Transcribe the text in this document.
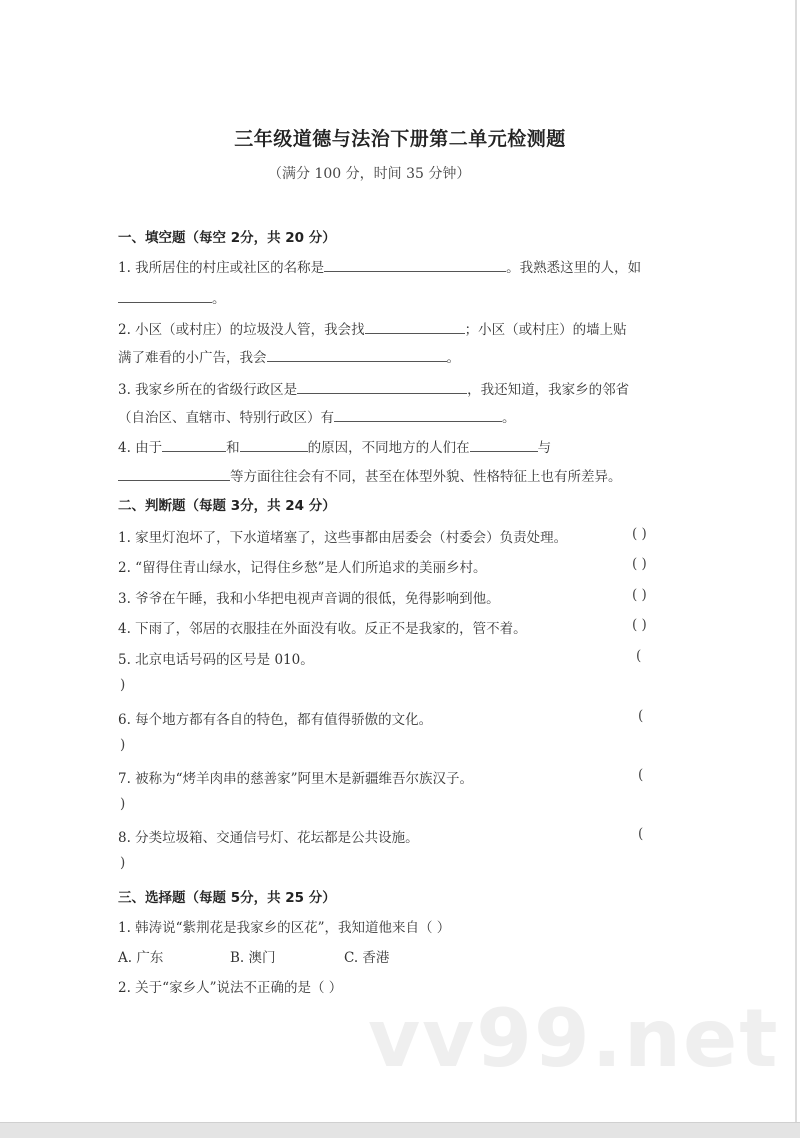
三年级道德与法治下册第二单元检测题
（满分 100 分，时间 35 分钟）
一、填空题（每空 2分，共 20 分）
1. 我所居住的村庄或社区的名称是	。我熟悉这里的人，如
。
2. 小区（或村庄）的垃圾没人管，我会找	；小区（或村庄）的墙上贴
满了难看的小广告，我会	。
3. 我家乡所在的省级行政区是	，我还知道，我家乡的邻省
（自治区、直辖市、特别行政区）有	。
4. 由于	和	的原因，不同地方的人们在	与
等方面往往会有不同，甚至在体型外貌、性格特征上也有所差异。
二、判断题（每题 3分，共 24 分）
1. 家里灯泡坏了，下水道堵塞了，这些事都由居委会（村委会）负责处理。	( )
2. “留得住青山绿水，记得住乡愁”是人们所追求的美丽乡村。	( )
3. 爷爷在午睡，我和小华把电视声音调的很低，免得影响到他。	( )
4. 下雨了，邻居的衣服挂在外面没有收。反正不是我家的，管不着。	( )
5. 北京电话号码的区号是 010。	(
)
6. 每个地方都有各自的特色，都有值得骄傲的文化。	(
)
7. 被称为“烤羊肉串的慈善家”阿里木是新疆维吾尔族汉子。	(
)
8. 分类垃圾箱、交通信号灯、花坛都是公共设施。	(
)
三、选择题（每题 5分，共 25 分）
1. 韩涛说“紫荆花是我家乡的区花”，我知道他来自（ ）
A. 广东	B. 澳门	C. 香港
2. 关于“家乡人”说法不正确的是（ ）
vv99.net
